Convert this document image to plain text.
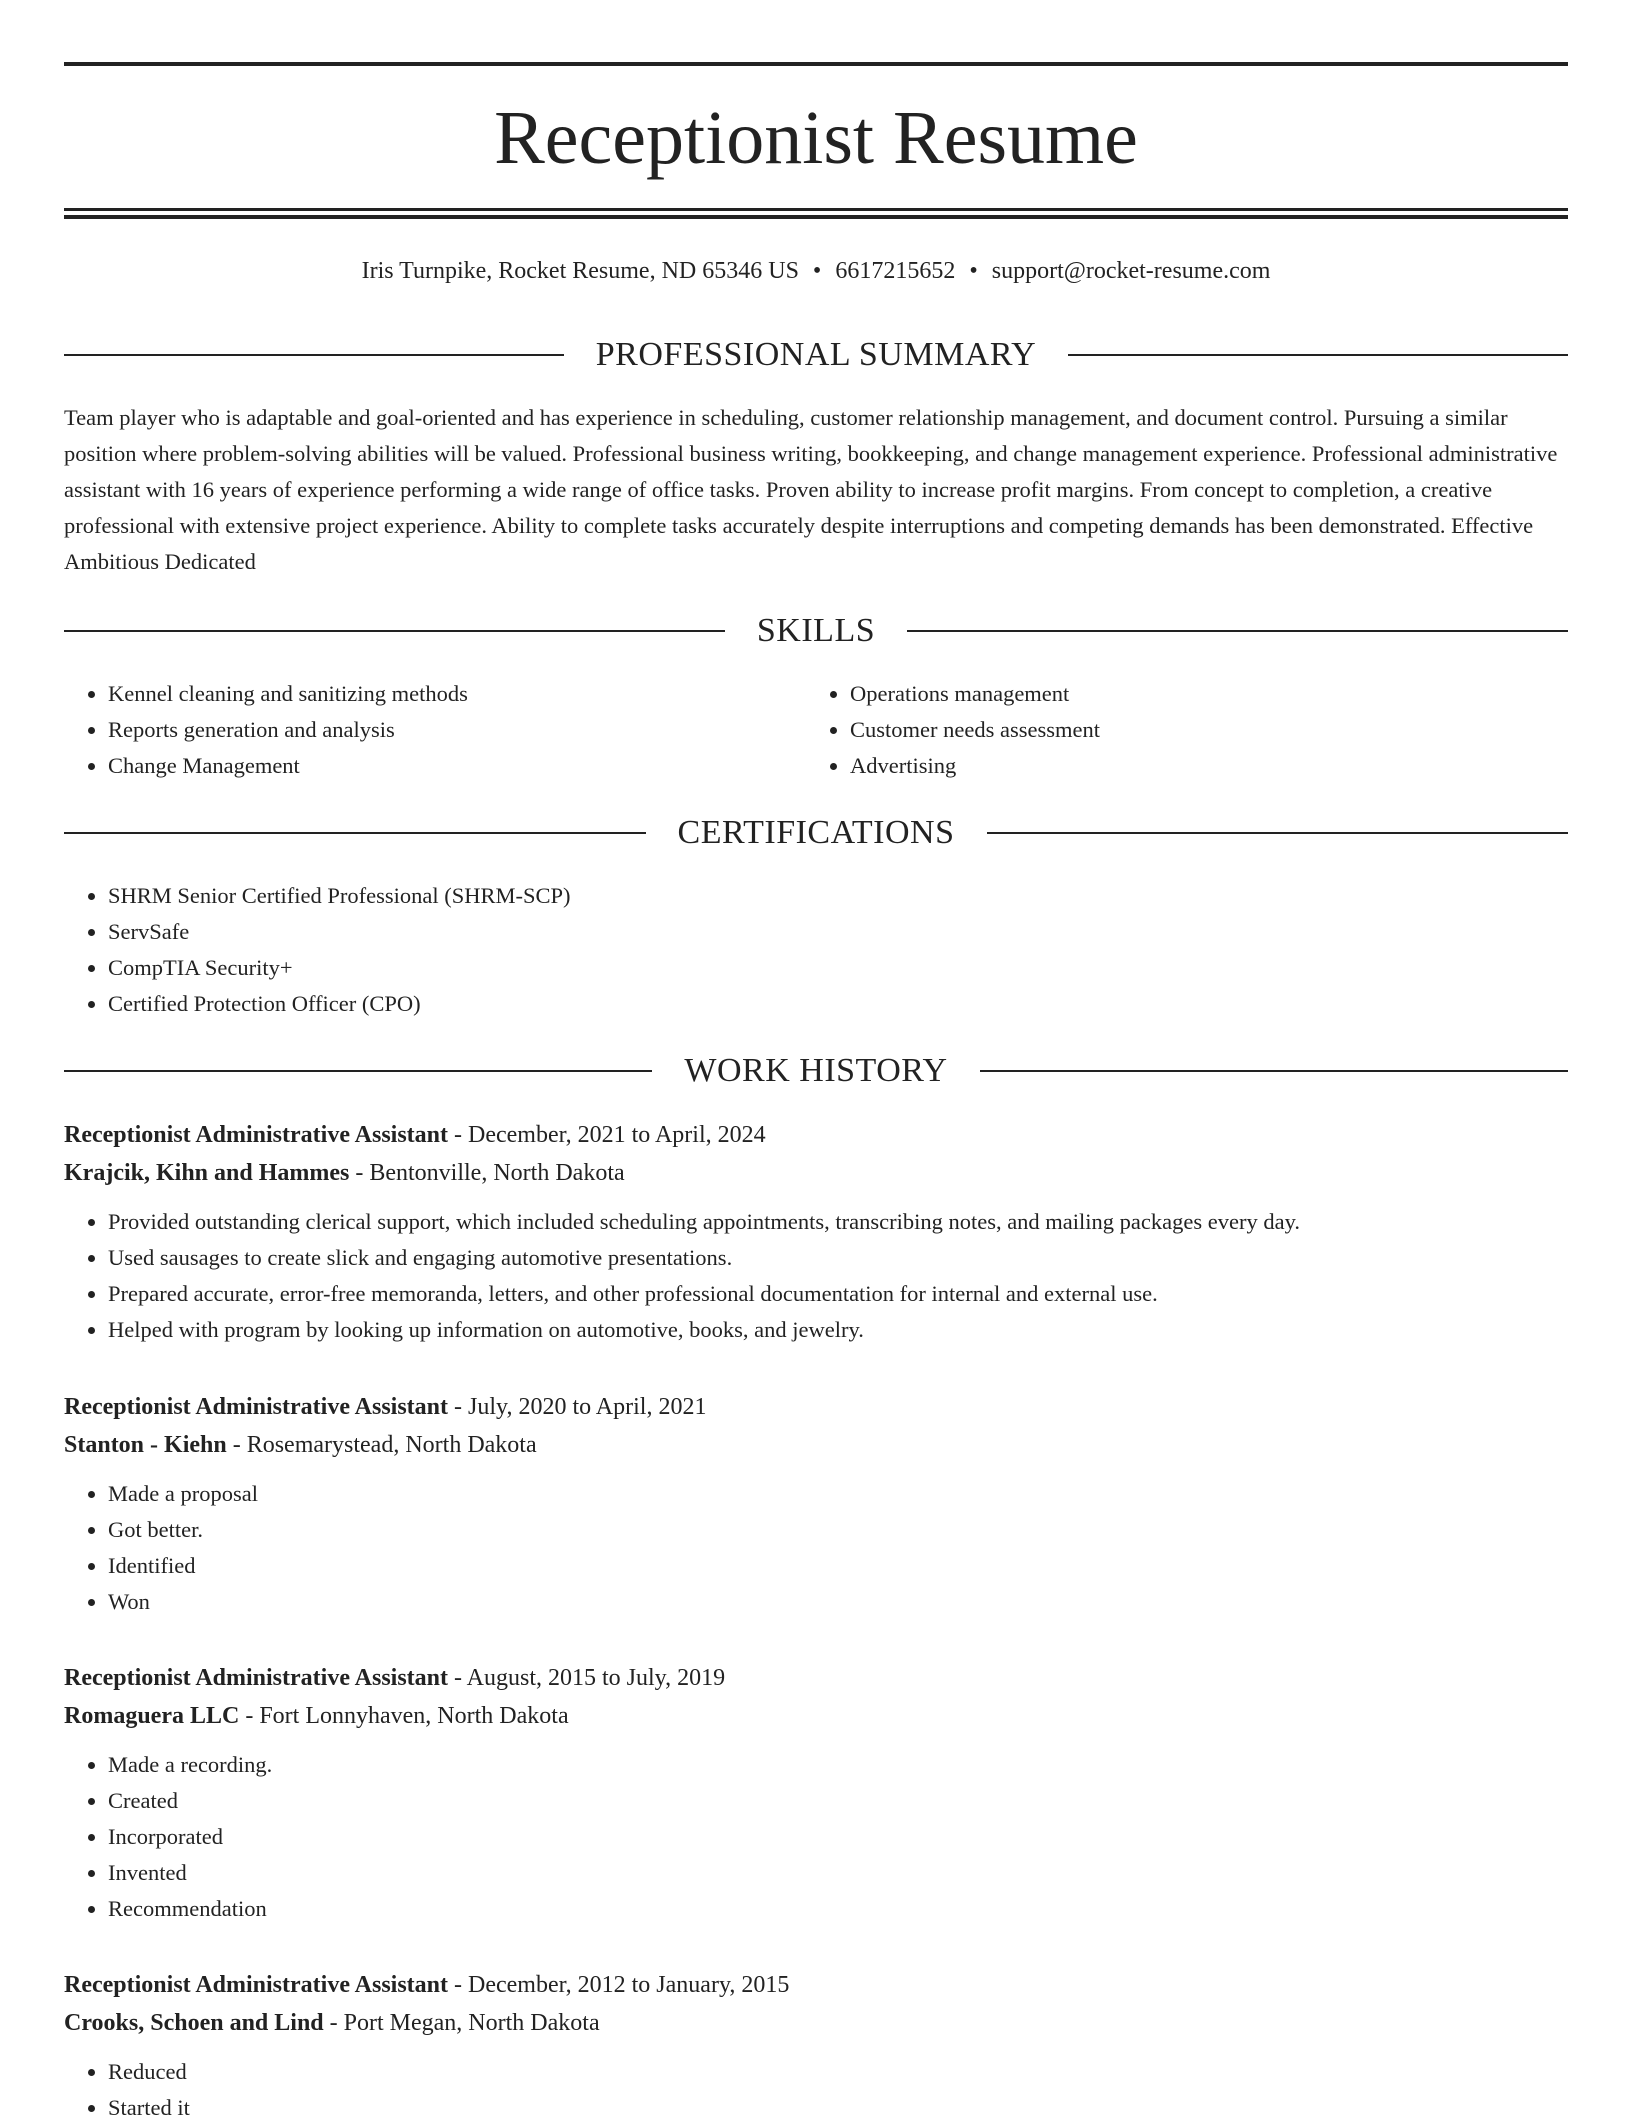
Receptionist Resume
Iris Turnpike, Rocket Resume, ND 65346 US • 6617215652 • support@rocket-resume.com
PROFESSIONAL SUMMARY

Team player who is adaptable and goal-oriented and has experience in scheduling, customer relationship management, and document control. Pursuing a similar position where problem-solving abilities will be valued. Professional business writing, bookkeeping, and change management experience. Professional administrative assistant with 16 years of experience performing a wide range of office tasks. Proven ability to increase profit margins. From concept to completion, a creative professional with extensive project experience. Ability to complete tasks accurately despite interruptions and competing demands has been demonstrated. Effective Ambitious Dedicated

SKILLS
• Kennel cleaning and sanitizing methods
• Reports generation and analysis
• Change Management
• Operations management
• Customer needs assessment
• Advertising
CERTIFICATIONS
• SHRM Senior Certified Professional (SHRM-SCP)
• ServSafe
• CompTIA Security+
• Certified Protection Officer (CPO)
WORK HISTORY
Receptionist Administrative Assistant - December, 2021 to April, 2024
Krajcik, Kihn and Hammes - Bentonville, North Dakota
• Provided outstanding clerical support, which included scheduling appointments, transcribing notes, and mailing packages every day.
• Used sausages to create slick and engaging automotive presentations.
• Prepared accurate, error-free memoranda, letters, and other professional documentation for internal and external use.
• Helped with program by looking up information on automotive, books, and jewelry.
Receptionist Administrative Assistant - July, 2020 to April, 2021
Stanton - Kiehn - Rosemarystead, North Dakota
• Made a proposal
• Got better.
• Identified
• Won
Receptionist Administrative Assistant - August, 2015 to July, 2019
Romaguera LLC - Fort Lonnyhaven, North Dakota
• Made a recording.
• Created
• Incorporated
• Invented
• Recommendation
Receptionist Administrative Assistant - December, 2012 to January, 2015
Crooks, Schoen and Lind - Port Megan, North Dakota
• Reduced
• Started it
